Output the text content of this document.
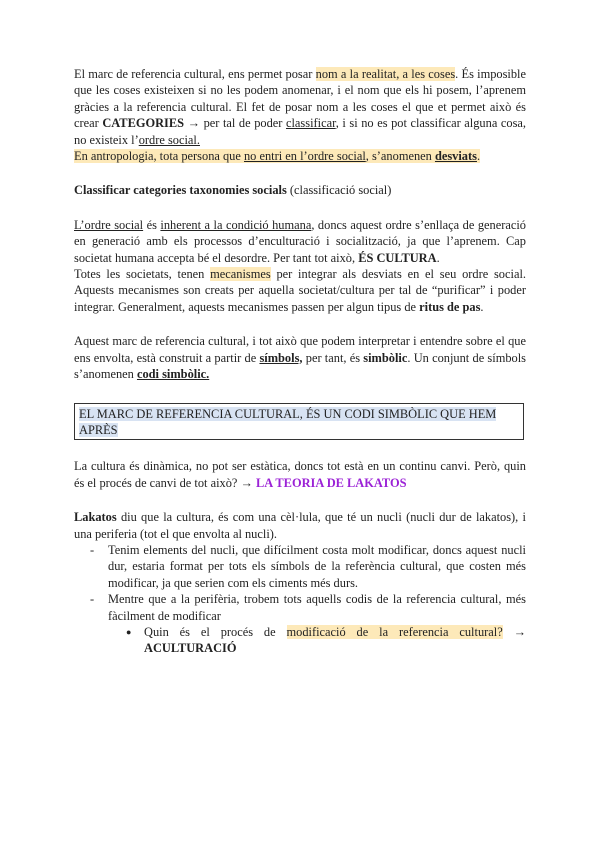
El marc de referencia cultural, ens permet posar nom a la realitat, a les coses. És imposible que les coses existeixen si no les podem anomenar, i el nom que els hi posem, l’aprenem gràcies a la referencia cultural. El fet de posar nom a les coses el que et permet això és crear CATEGORIES → per tal de poder classificar, i si no es pot classificar alguna cosa, no existeix l’ordre social.

En antropologia, tota persona que no entri en l’ordre social, s’anomenen desviats.

Classificar categories taxonomies socials (classificació social)

L’ordre social és inherent a la condició humana, doncs aquest ordre s’enllaça de generació en generació amb els processos d’enculturació i socialització, ja que l’aprenem. Cap societat humana accepta bé el desordre. Per tant tot això, ÉS CULTURA.

Totes les societats, tenen mecanismes per integrar als desviats en el seu ordre social. Aquests mecanismes son creats per aquella societat/cultura per tal de “purificar” i poder integrar. Generalment, aquests mecanismes passen per algun tipus de ritus de pas.

Aquest marc de referencia cultural, i tot això que podem interpretar i entendre sobre el que ens envolta, està construit a partir de símbols, per tant, és simbòlic. Un conjunt de símbols s’anomenen codi simbòlic.

EL MARC DE REFERENCIA CULTURAL, ÉS UN CODI SIMBÒLIC QUE HEM APRÈS

La cultura és dinàmica, no pot ser estàtica, doncs tot està en un continu canvi. Però, quin és el procés de canvi de tot això? → LA TEORIA DE LAKATOS

Lakatos diu que la cultura, és com una cèl·lula, que té un nucli (nucli dur de lakatos), i una periferia (tot el que envolta al nucli).

- Tenim elements del nucli, que difícilment costa molt modificar, doncs aquest nucli dur, estaria format per tots els símbols de la referència cultural, que costen més modificar, ja que serien com els ciments més durs.
- Mentre que a la perifèria, trobem tots aquells codis de la referencia cultural, més fàcilment de modificar
● Quin és el procés de modificació de la referencia cultural? → ACULTURACIÓ
